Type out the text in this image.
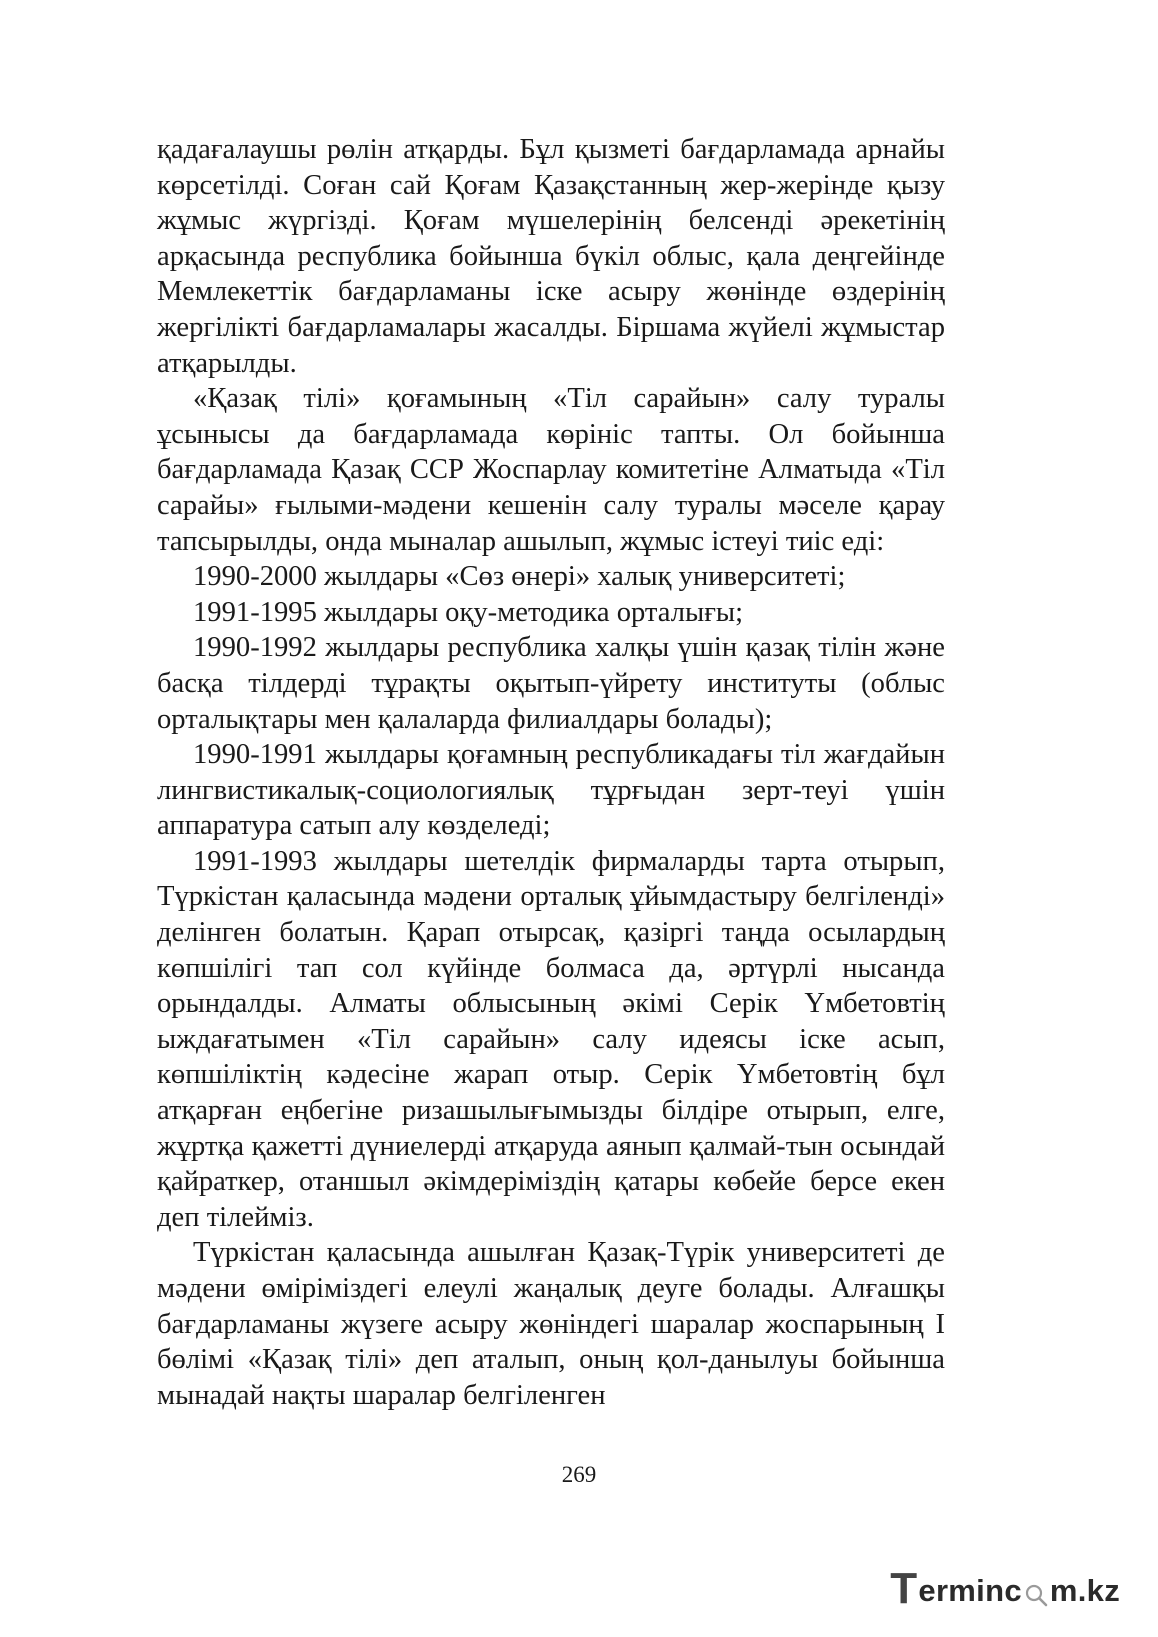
қадағалаушы рөлін атқарды. Бұл қызметі бағдарламада арнайы көрсетілді. Соған сай Қоғам Қазақстанның жер-жерінде қызу жұмыс жүргізді. Қоғам мүшелерінің белсенді әрекетінің арқасында республика бойынша бүкіл облыс, қала деңгейінде Мемлекеттік бағдарламаны іске асыру жөнінде өздерінің жергілікті бағдарламалары жасалды. Біршама жүйелі жұмыстар атқарылды.

«Қазақ тілі» қоғамының «Тіл сарайын» салу туралы ұсынысы да бағдарламада көрініс тапты. Ол бойынша бағдарламада Қазақ ССР Жоспарлау комитетіне Алматыда «Тіл сарайы» ғылыми-мәдени кешенін салу туралы мәселе қарау тапсырылды, онда мыналар ашылып, жұмыс істеуі тиіс еді:

1990-2000 жылдары «Сөз өнері» халық университеті;

1991-1995 жылдары оқу-методика орталығы;

1990-1992 жылдары республика халқы үшін қазақ тілін және басқа тілдерді тұрақты оқытып-үйрету институты (облыс орталықтары мен қалаларда филиалдары болады);

1990-1991 жылдары қоғамның республикадағы тіл жағдайын лингвистикалық-социологиялық тұрғыдан зерт-теуі үшін аппаратура сатып алу көзделеді;

1991-1993 жылдары шетелдік фирмаларды тарта отырып, Түркістан қаласында мәдени орталық ұйымдастыру белгіленді» делінген болатын. Қарап отырсақ, қазіргі таңда осылардың көпшілігі тап сол күйінде болмаса да, әртүрлі нысанда орындалды. Алматы облысының әкімі Серік Үмбетовтің ыждағатымен «Тіл сарайын» салу идеясы іске асып, көпшіліктің кәдесіне жарап отыр. Серік Үмбетовтің бұл атқарған еңбегіне ризашылығымызды білдіре отырып, елге, жұртқа қажетті дүниелерді атқаруда аянып қалмай-тын осындай қайраткер, отаншыл әкімдеріміздің қатары көбейе берсе екен деп тілейміз.

Түркістан қаласында ашылған Қазақ-Түрік университеті де мәдени өміріміздегі елеулі жаңалық деуге болады. Алғашқы бағдарламаны жүзеге асыру жөніндегі шаралар жоспарының І бөлімі «Қазақ тілі» деп аталып, оның қол-данылуы бойынша мынадай нақты шаралар белгіленген

269
T erminc m.kz
